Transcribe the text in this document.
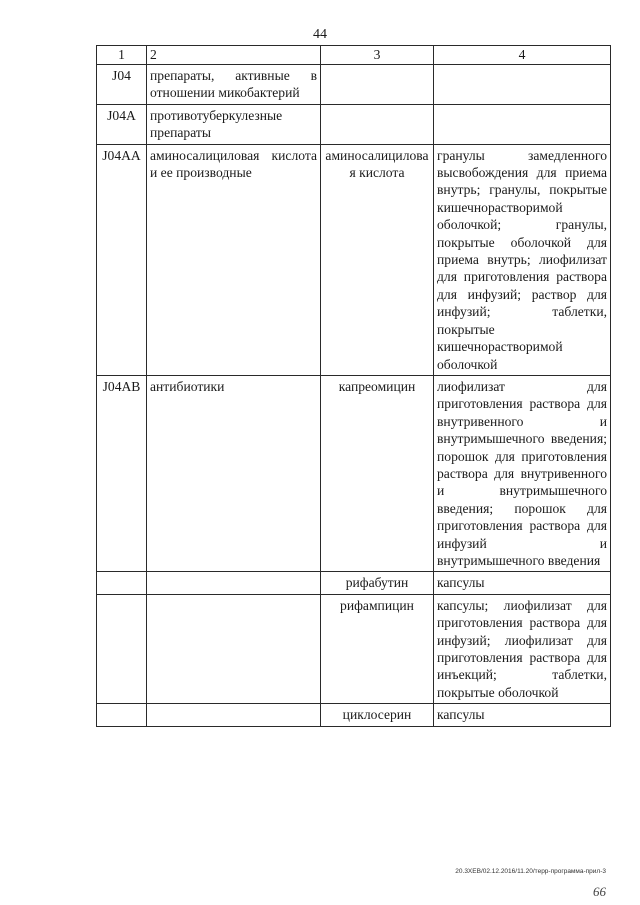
44
1	2	3	4
J04	препараты, активные в отношении микобактерий		
J04A	противотуберкулезные препараты		
J04AA	аминосалициловая кислота и ее производные	аминосалициловая кислота	гранулы замедленного высвобождения для приема внутрь; гранулы, покрытые кишечнорастворимой оболочкой; гранулы, покрытые оболочкой для приема внутрь; лиофилизат для приготовления раствора для инфузий; раствор для инфузий; таблетки, покрытые кишечнорастворимой оболочкой
J04AB	антибиотики	капреомицин	лиофилизат для приготовления раствора для внутривенного и внутримышечного введения; порошок для приготовления раствора для внутривенного и внутримышечного введения; порошок для приготовления раствора для инфузий и внутримышечного введения
		рифабутин	капсулы
		рифампицин	капсулы; лиофилизат для приготовления раствора для инфузий; лиофилизат для приготовления раствора для инъекций; таблетки, покрытые оболочкой
		циклосерин	капсулы
20.3ХЕВ/02.12.2016/11.20/терр-программа-прил-3
66
